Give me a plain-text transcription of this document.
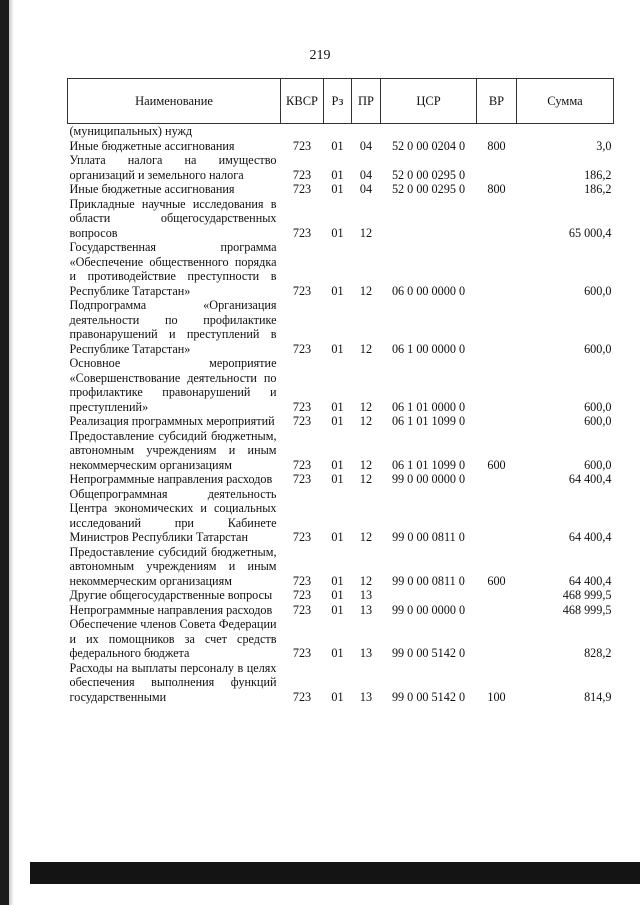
219
Наименование	КВСР	Рз	ПР	ЦСР	ВР	Сумма
(муниципальных) нужд						
Иные бюджетные ассигнования	723	01	04	52 0 00 0204 0	800	3,0
Уплата налога на имущество организаций и земельного налога	723	01	04	52 0 00 0295 0		186,2
Иные бюджетные ассигнования	723	01	04	52 0 00 0295 0	800	186,2
Прикладные научные исследования в области общегосударственных вопросов	723	01	12			65 000,4
Государственная программа «Обеспечение общественного порядка и противодействие преступности в Республике Татарстан»	723	01	12	06 0 00 0000 0		600,0
Подпрограмма «Организация деятельности по профилактике правонарушений и преступлений в Республике Татарстан»	723	01	12	06 1 00 0000 0		600,0
Основное мероприятие «Совершенствование деятельности по профилактике правонарушений и преступлений»	723	01	12	06 1 01 0000 0		600,0
Реализация программных мероприятий	723	01	12	06 1 01 1099 0		600,0
Предоставление субсидий бюджетным, автономным учреждениям и иным некоммерческим организациям	723	01	12	06 1 01 1099 0	600	600,0
Непрограммные направления расходов	723	01	12	99 0 00 0000 0		64 400,4
Общепрограммная деятельность Центра экономических и социальных исследований при Кабинете Министров Республики Татарстан	723	01	12	99 0 00 0811 0		64 400,4
Предоставление субсидий бюджетным, автономным учреждениям и иным некоммерческим организациям	723	01	12	99 0 00 0811 0	600	64 400,4
Другие общегосударственные вопросы	723	01	13			468 999,5
Непрограммные направления расходов	723	01	13	99 0 00 0000 0		468 999,5
Обеспечение членов Совета Федерации и их помощников за счет средств федерального бюджета	723	01	13	99 0 00 5142 0		828,2
Расходы на выплаты персоналу в целях обеспечения выполнения функций государственными	723	01	13	99 0 00 5142 0	100	814,9
